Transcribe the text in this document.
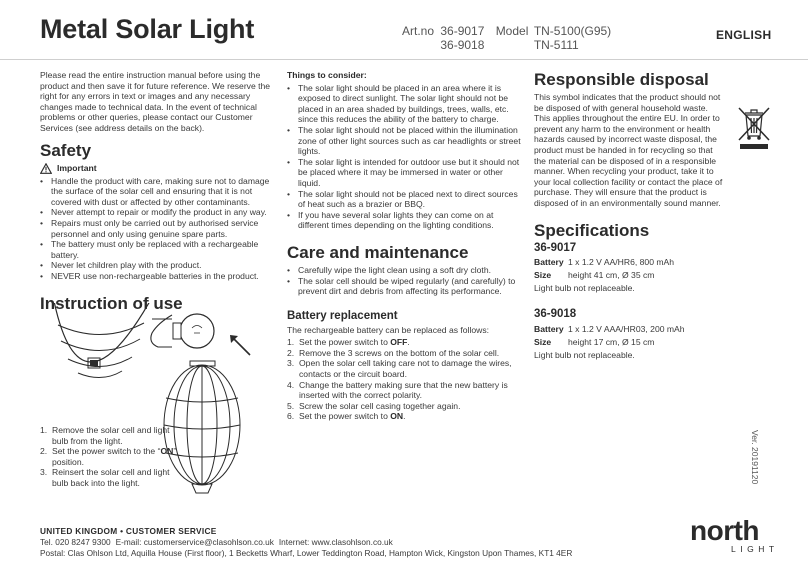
Metal Solar Light	Art.no 36-9017 Model TN-5100(G95)
36-9018	TN-5111
ENGLISH

Please read the entire instruction manual before using the product and then save it for future reference. We reserve the right for any errors in text or images and any necessary changes made to technical data. In the event of technical problems or other queries, please contact our Customer Services (see address details on the back).

Safety
Important
• Handle the product with care, making sure not to damage the surface of the solar cell and ensuring that it is not covered with dust or affected by other contaminants.
• Never attempt to repair or modify the product in any way.
• Repairs must only be carried out by authorised service personnel and only using genuine spare parts.
• The battery must only be replaced with a rechargeable battery.
• Never let children play with the product.
• NEVER use non-rechargeable batteries in the product.
Instruction of use
1. Remove the solar cell and light bulb from the light.
2. Set the power switch to the “ON” position.
3. Reinsert the solar cell and light bulb back into the light.
Things to consider:
• The solar light should be placed in an area where it is exposed to direct sunlight. The solar light should not be placed in an area shaded by buildings, trees, walls, etc. since this reduces the ability of the battery to charge.
• The solar light should not be placed within the illumination zone of other light sources such as car headlights or street lights.
• The solar light is intended for outdoor use but it should not be placed where it may be immersed in water or other liquid.
• The solar light should not be placed next to direct sources of heat such as a brazier or BBQ.
• If you have several solar lights they can come on at different times depending on the lighting conditions.
Care and maintenance
• Carefully wipe the light clean using a soft dry cloth.
• The solar cell should be wiped regularly (and carefully) to prevent dirt and debris from affecting its performance.
Battery replacement

The rechargeable battery can be replaced as follows:

1. Set the power switch to OFF.
2. Remove the 3 screws on the bottom of the solar cell.
3. Open the solar cell taking care not to damage the wires, contacts or the circuit board.
4. Change the battery making sure that the new battery is inserted with the correct polarity.
5. Screw the solar cell casing together again.
6. Set the power switch to ON.
Responsible disposal

This symbol indicates that the product should not be disposed of with general household waste. This applies throughout the entire EU. In order to prevent any harm to the environment or health hazards caused by incorrect waste disposal, the product must be handed in for recycling so that the material can be disposed of in a responsible manner. When recycling your product, take it to your local collection facility or contact the place of purchase. They will ensure that the product is disposed of in an environmentally sound manner.

Specifications
36-9017
Battery 1 x 1.2 V AA/HR6, 800 mAh
Size	height 41 cm, Ø 35 cm
Light bulb not replaceable.
36-9018
Battery 1 x 1.2 V AAA/HR03, 200 mAh
Size	height 17 cm, Ø 15 cm
Light bulb not replaceable.
Ver. 20191120
UNITED KINGDOM • CUSTOMER SERVICE
Tel. 020 8247 9300 E-mail: customerservice@clasohlson.co.uk Internet: www.clasohlson.co.uk
Postal: Clas Ohlson Ltd, Aquilla House (First floor), 1 Becketts Wharf, Lower Teddington Road, Hampton Wick, Kingston Upon Thames, KT1 4ER
north
LIGHT
